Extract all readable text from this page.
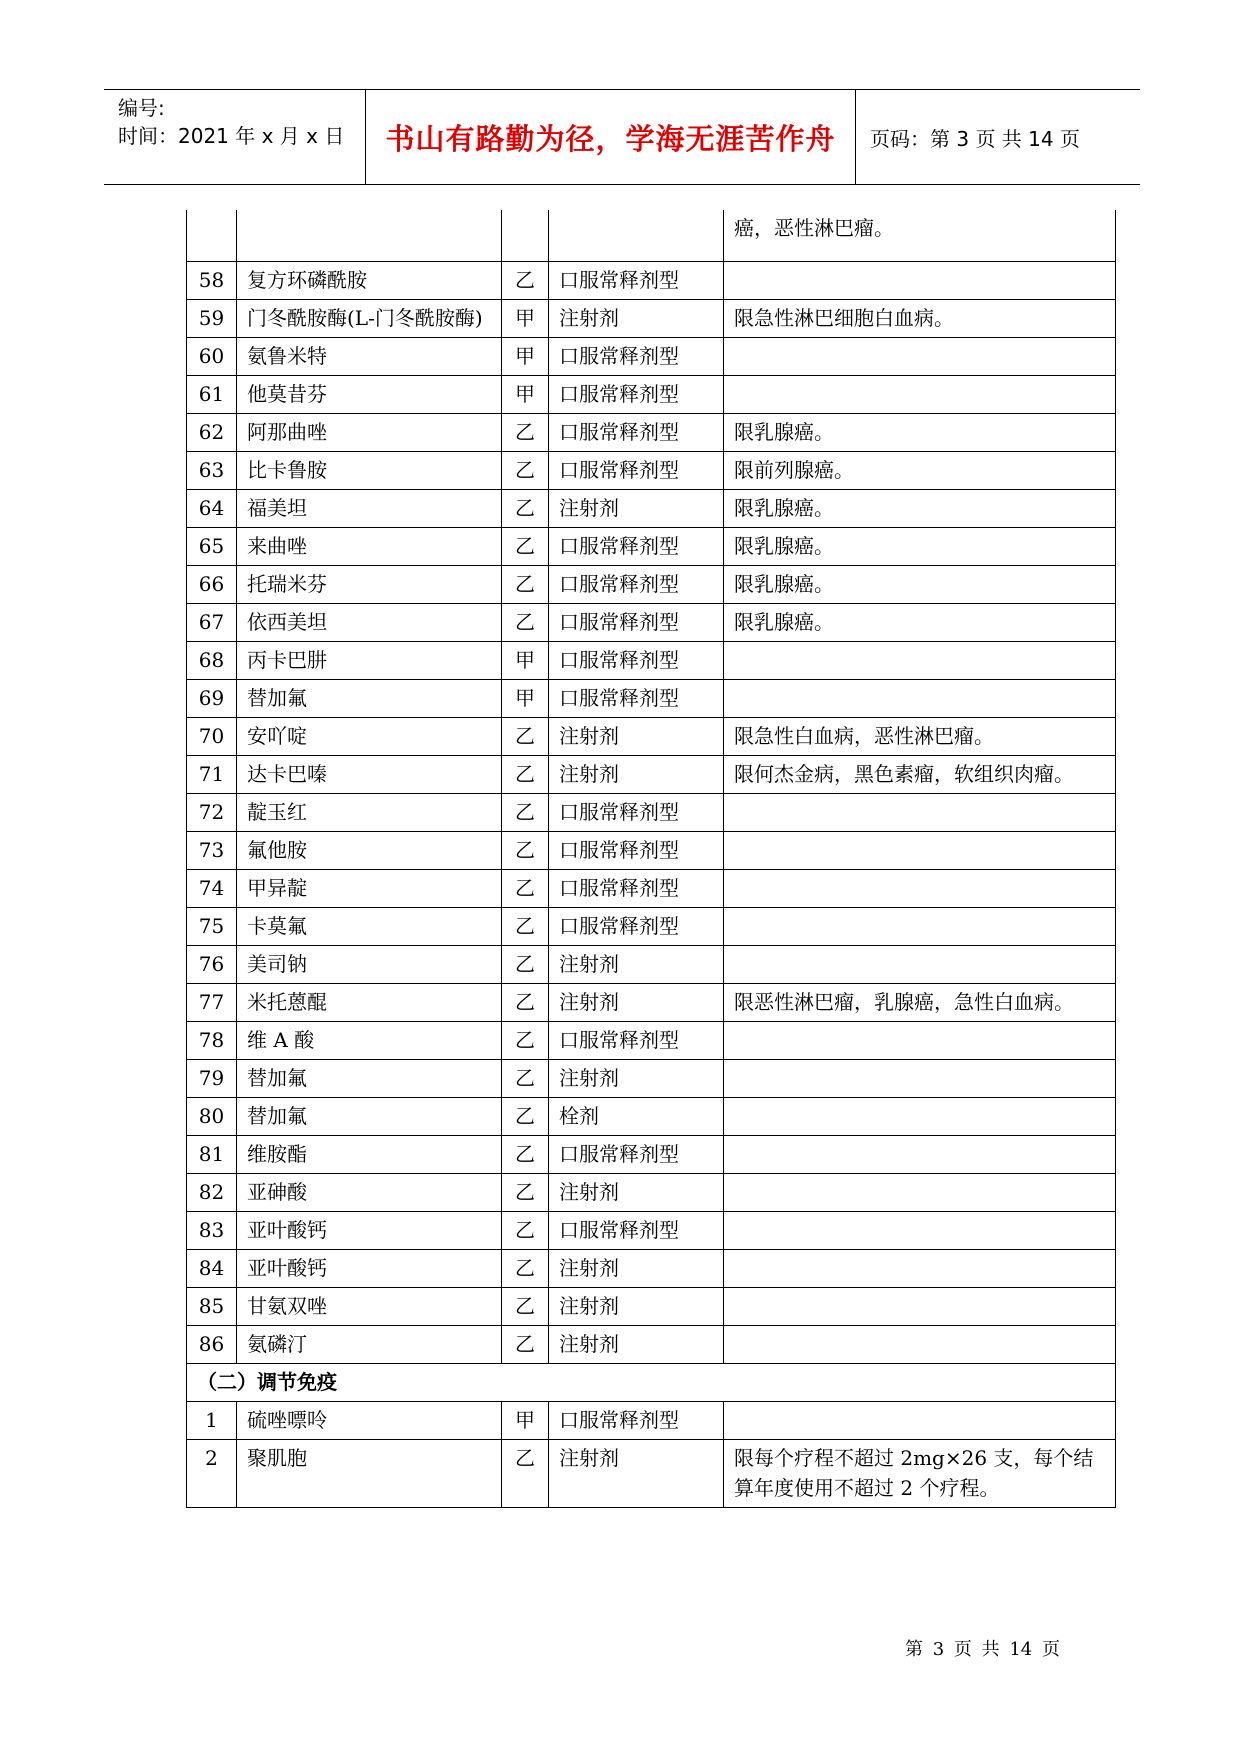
编号:
时间：2021 年 x 月 x 日	书山有路勤为径，学海无涯苦作舟 页码：第 3 页 共 14 页
				癌，恶性淋巴瘤。
58	复方环磷酰胺	乙	口服常释剂型	
59	门冬酰胺酶(L-门冬酰胺酶)	甲	注射剂	限急性淋巴细胞白血病。
60	氨鲁米特	甲	口服常释剂型	
61	他莫昔芬	甲	口服常释剂型	
62	阿那曲唑	乙	口服常释剂型	限乳腺癌。
63	比卡鲁胺	乙	口服常释剂型	限前列腺癌。
64	福美坦	乙	注射剂	限乳腺癌。
65	来曲唑	乙	口服常释剂型	限乳腺癌。
66	托瑞米芬	乙	口服常释剂型	限乳腺癌。
67	依西美坦	乙	口服常释剂型	限乳腺癌。
68	丙卡巴肼	甲	口服常释剂型	
69	替加氟	甲	口服常释剂型	
70	安吖啶	乙	注射剂	限急性白血病，恶性淋巴瘤。
71	达卡巴嗪	乙	注射剂	限何杰金病，黑色素瘤，软组织肉瘤。
72	靛玉红	乙	口服常释剂型	
73	氟他胺	乙	口服常释剂型	
74	甲异靛	乙	口服常释剂型	
75	卡莫氟	乙	口服常释剂型	
76	美司钠	乙	注射剂	
77	米托蒽醌	乙	注射剂	限恶性淋巴瘤，乳腺癌，急性白血病。
78	维 A 酸	乙	口服常释剂型	
79	替加氟	乙	注射剂	
80	替加氟	乙	栓剂	
81	维胺酯	乙	口服常释剂型	
82	亚砷酸	乙	注射剂	
83	亚叶酸钙	乙	口服常释剂型	
84	亚叶酸钙	乙	注射剂	
85	甘氨双唑	乙	注射剂	
86	氨磷汀	乙	注射剂	
（二）调节免疫				
1	硫唑嘌呤	甲	口服常释剂型	
2	聚肌胞	乙	注射剂	限每个疗程不超过 2mg×26 支，每个结算年度使用不超过 2 个疗程。
第 3 页 共 14 页
